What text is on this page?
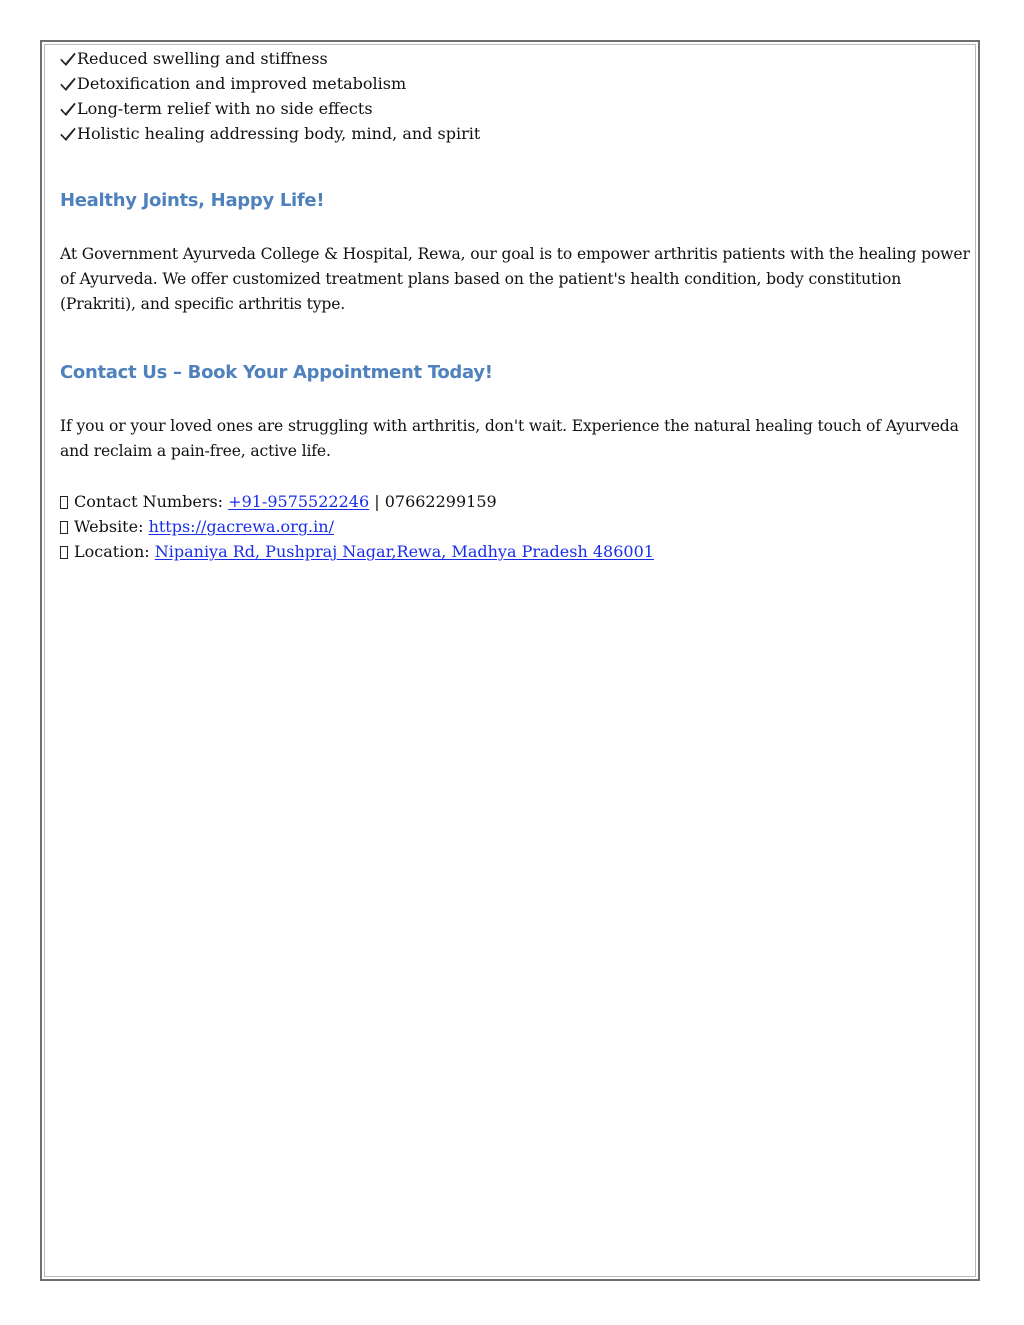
Reduced swelling and stiffness
Detoxification and improved metabolism
Long-term relief with no side effects
Holistic healing addressing body, mind, and spirit
Healthy Joints, Happy Life!

At Government Ayurveda College & Hospital, Rewa, our goal is to empower arthritis patients with the healing power of Ayurveda. We offer customized treatment plans based on the patient's health condition, body constitution (Prakriti), and specific arthritis type.

Contact Us – Book Your Appointment Today!

If you or your loved ones are struggling with arthritis, don't wait. Experience the natural healing touch of Ayurveda and reclaim a pain-free, active life.

Contact Numbers:
+91-9575522246
|
07662299159
Website:
https://gacrewa.org.in/
Location:
Nipaniya Rd, Pushpraj Nagar,Rewa, Madhya Pradesh 486001
